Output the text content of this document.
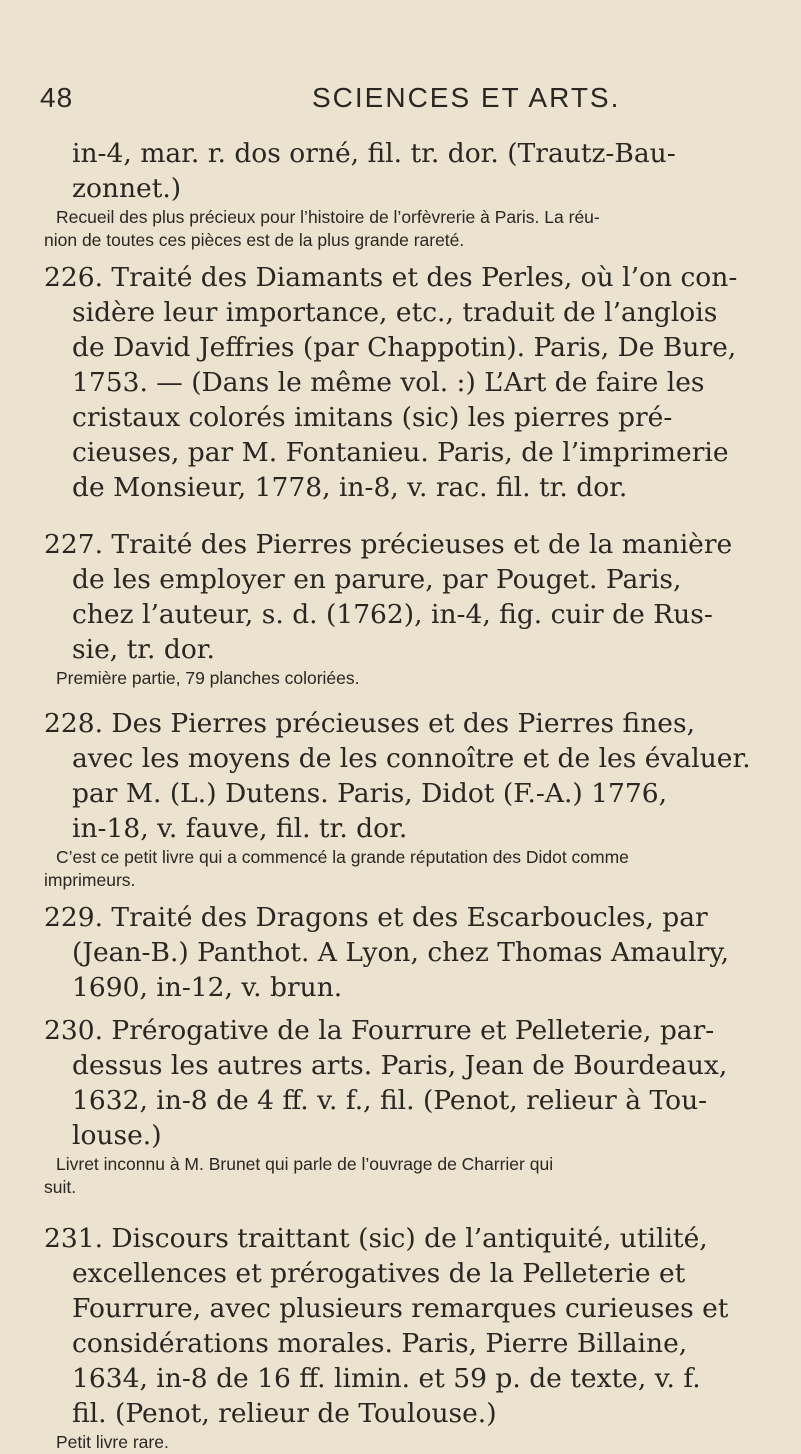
48	SCIENCES ET ARTS.
in-4, mar. r. dos orné, fil. tr. dor. (Trautz-Bau-
zonnet.)
Recueil des plus précieux pour l’histoire de l’orfèvrerie à Paris. La réu-
nion de toutes ces pièces est de la plus grande rareté.
226. Traité des Diamants et des Perles, où l’on con-
sidère leur importance, etc., traduit de l’anglois
de David Jeffries (par Chappotin). Paris, De Bure,
1753. — (Dans le même vol. :) L’Art de faire les
cristaux colorés imitans (sic) les pierres pré-
cieuses, par M. Fontanieu. Paris, de l’imprimerie
de Monsieur, 1778, in-8, v. rac. fil. tr. dor.
227. Traité des Pierres précieuses et de la manière
de les employer en parure, par Pouget. Paris,
chez l’auteur, s. d. (1762), in-4, fig. cuir de Rus-
sie, tr. dor.
Première partie, 79 planches coloriées.
228. Des Pierres précieuses et des Pierres fines,
avec les moyens de les connoître et de les évaluer.
par M. (L.) Dutens. Paris, Didot (F.-A.) 1776,
in-18, v. fauve, fil. tr. dor.
C’est ce petit livre qui a commencé la grande réputation des Didot comme
imprimeurs.
229. Traité des Dragons et des Escarboucles, par
(Jean-B.) Panthot. A Lyon, chez Thomas Amaulry,
1690, in-12, v. brun.
230. Prérogative de la Fourrure et Pelleterie, par-
dessus les autres arts. Paris, Jean de Bourdeaux,
1632, in-8 de 4 ff. v. f., fil. (Penot, relieur à Tou-
louse.)
Livret inconnu à M. Brunet qui parle de l’ouvrage de Charrier qui
suit.
231. Discours traittant (sic) de l’antiquité, utilité,
excellences et prérogatives de la Pelleterie et
Fourrure, avec plusieurs remarques curieuses et
considérations morales. Paris, Pierre Billaine,
1634, in-8 de 16 ff. limin. et 59 p. de texte, v. f.
fil. (Penot, relieur de Toulouse.)
Petit livre rare.
